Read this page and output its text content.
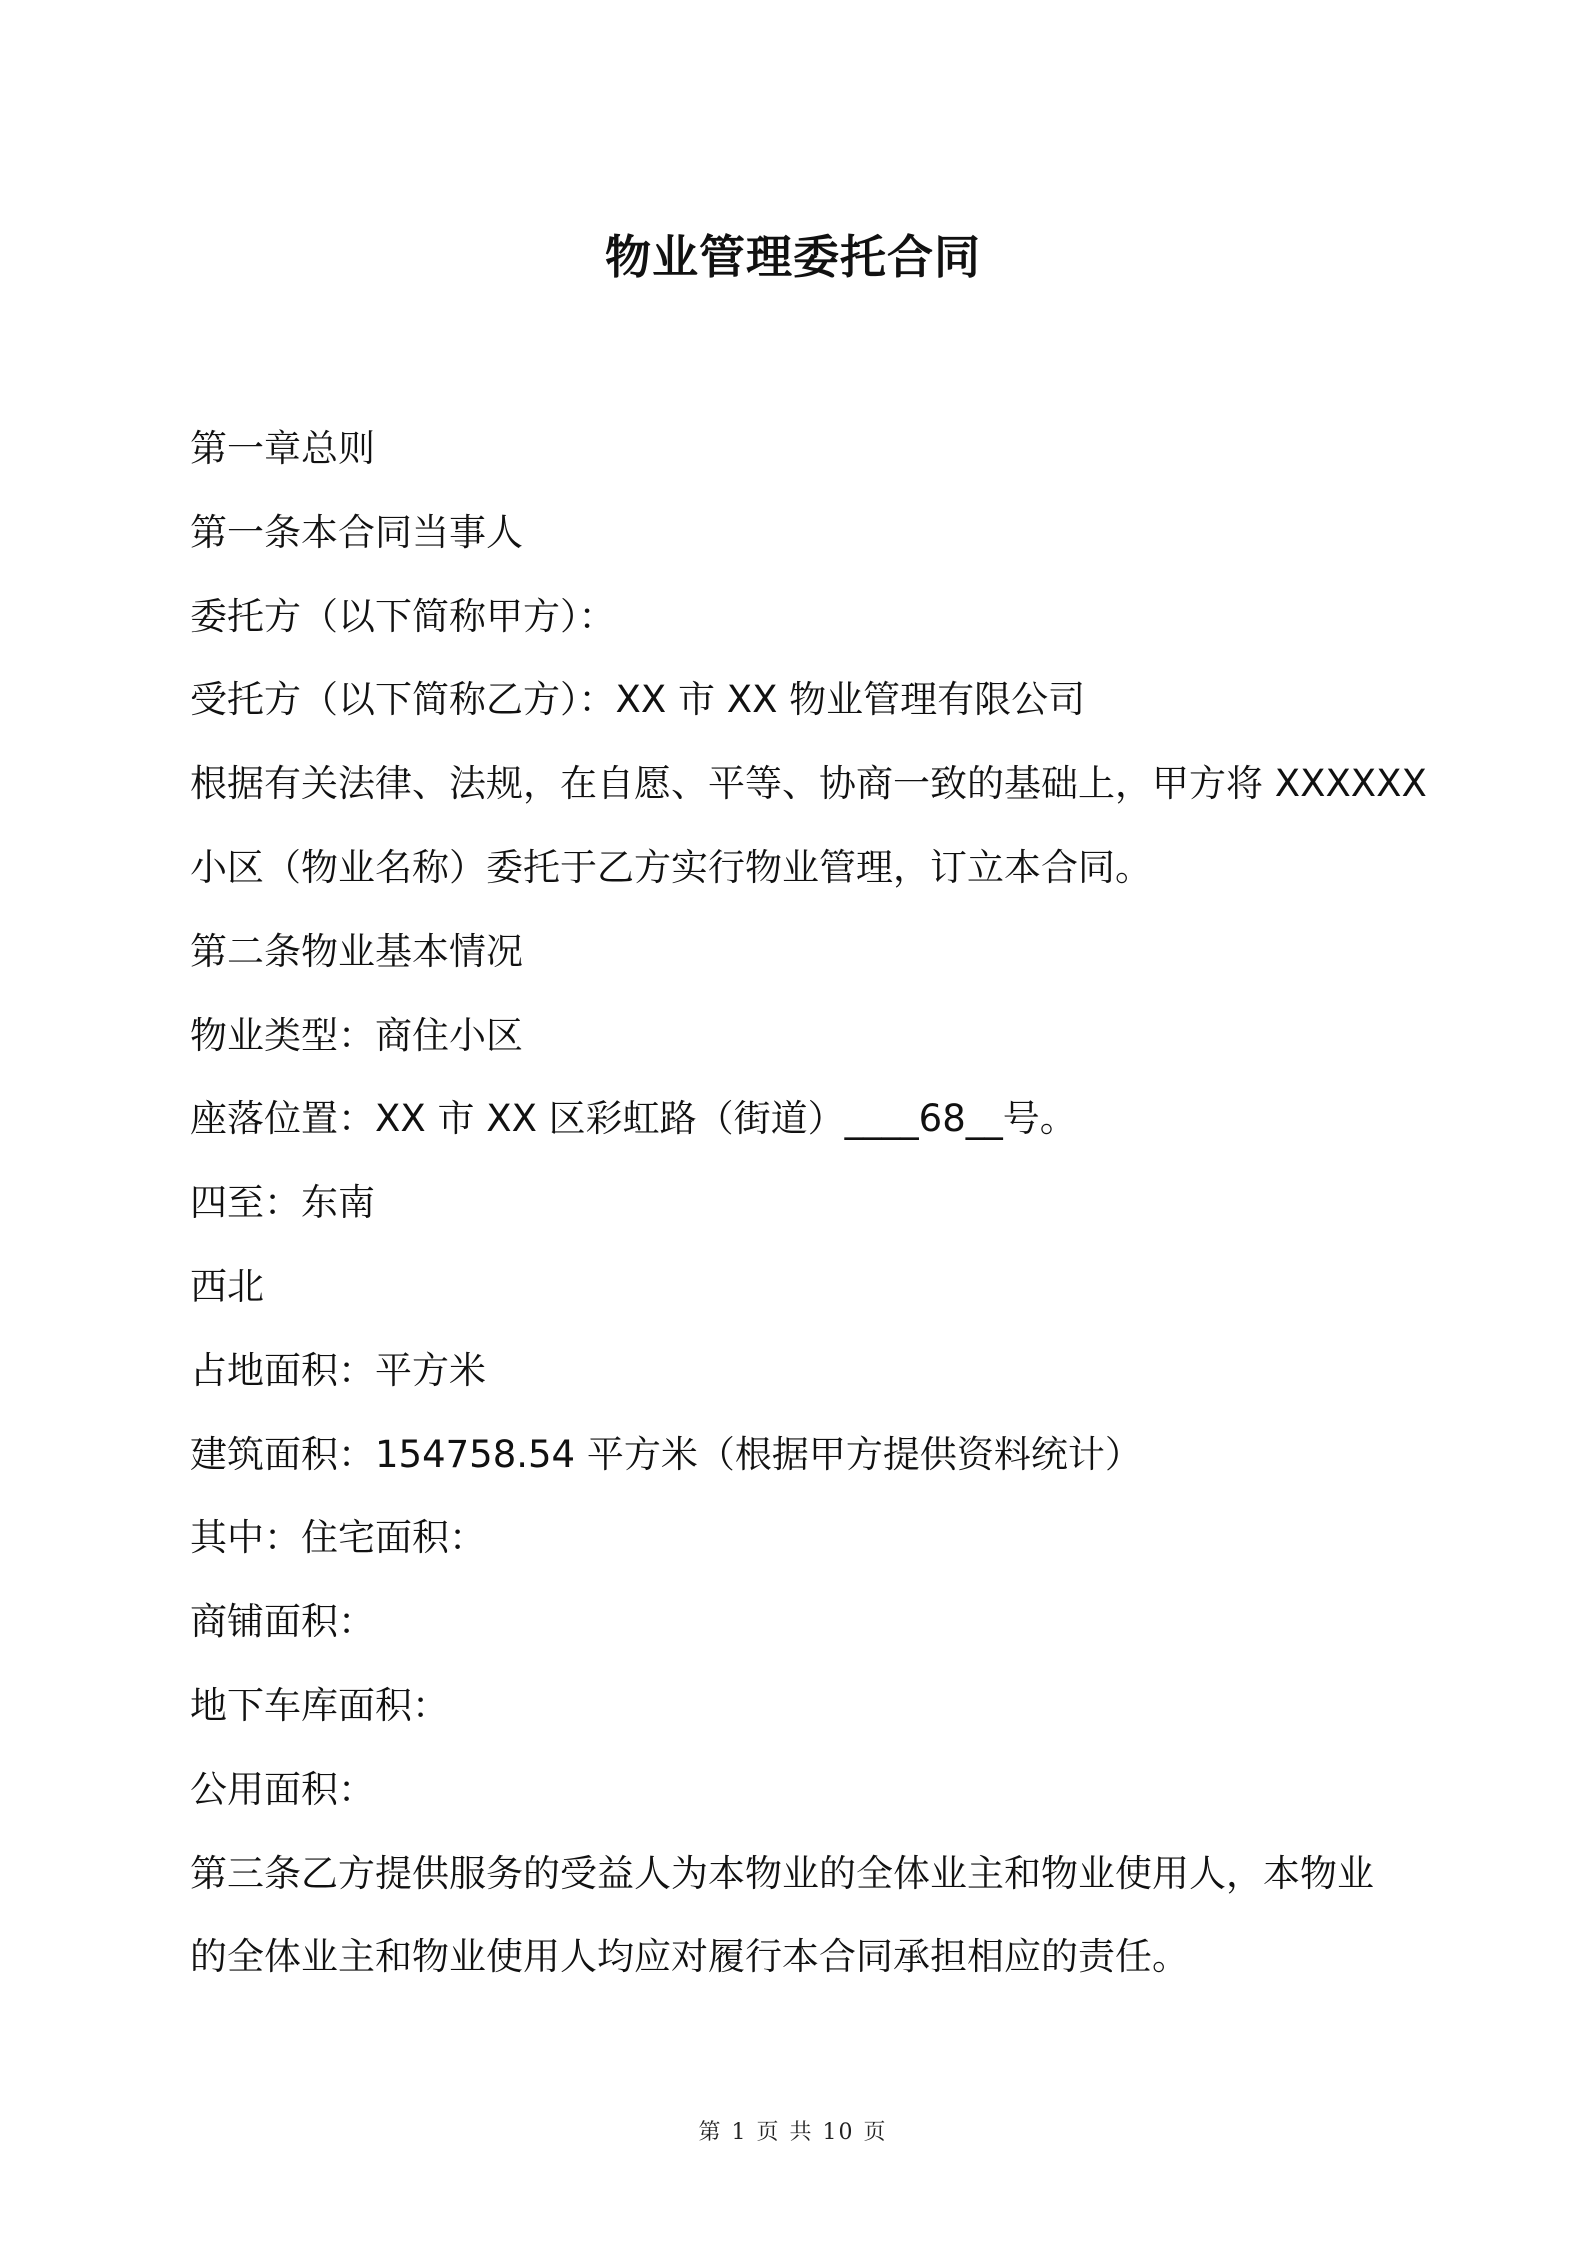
物业管理委托合同

第一章总则

第一条本合同当事人

委托方（以下简称甲方）：

受托方（以下简称乙方）：XX 市 XX 物业管理有限公司

根据有关法律、法规，在自愿、平等、协商一致的基础上，甲方将 XXXXXX

小区（物业名称）委托于乙方实行物业管理，订立本合同。

第二条物业基本情况

物业类型：商住小区

座落位置：XX 市 XX 区彩虹路（街道）____68__号。

四至：东南

西北

占地面积：平方米

建筑面积：154758.54 平方米（根据甲方提供资料统计）

其中：住宅面积：

商铺面积：

地下车库面积：

公用面积：

第三条乙方提供服务的受益人为本物业的全体业主和物业使用人，本物业

的全体业主和物业使用人均应对履行本合同承担相应的责任。

第 1 页 共 10 页
